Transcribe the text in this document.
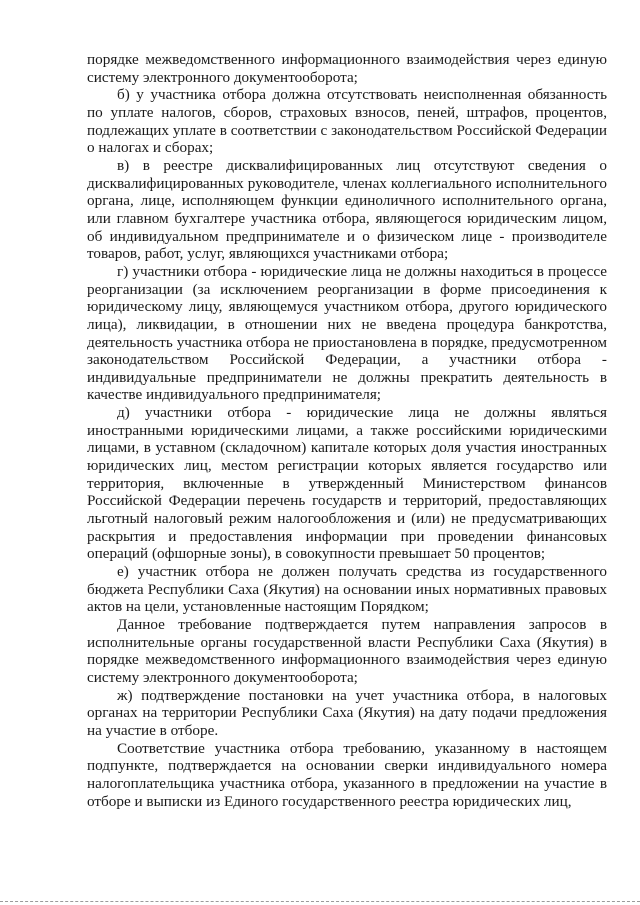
порядке межведомственного информационного взаимодействия через единую систему электронного документооборота;

б) у участника отбора должна отсутствовать неисполненная обязанность по уплате налогов, сборов, страховых взносов, пеней, штрафов, процентов, подлежащих уплате в соответствии с законодательством Российской Федерации о налогах и сборах;

в) в реестре дисквалифицированных лиц отсутствуют сведения о дисквалифицированных руководителе, членах коллегиального исполнительного органа, лице, исполняющем функции единоличного исполнительного органа, или главном бухгалтере участника отбора, являющегося юридическим лицом, об индивидуальном предпринимателе и о физическом лице - производителе товаров, работ, услуг, являющихся участниками отбора;

г) участники отбора - юридические лица не должны находиться в процессе реорганизации (за исключением реорганизации в форме присоединения к юридическому лицу, являющемуся участником отбора, другого юридического лица), ликвидации, в отношении них не введена процедура банкротства, деятельность участника отбора не приостановлена в порядке, предусмотренном законодательством Российской Федерации, а участники отбора - индивидуальные предприниматели не должны прекратить деятельность в качестве индивидуального предпринимателя;

д) участники отбора - юридические лица не должны являться иностранными юридическими лицами, а также российскими юридическими лицами, в уставном (складочном) капитале которых доля участия иностранных юридических лиц, местом регистрации которых является государство или территория, включенные в утвержденный Министерством финансов Российской Федерации перечень государств и территорий, предоставляющих льготный налоговый режим налогообложения и (или) не предусматривающих раскрытия и предоставления информации при проведении финансовых операций (офшорные зоны), в совокупности превышает 50 процентов;

е) участник отбора не должен получать средства из государственного бюджета Республики Саха (Якутия) на основании иных нормативных правовых актов на цели, установленные настоящим Порядком;

Данное требование подтверждается путем направления запросов в исполнительные органы государственной власти Республики Саха (Якутия) в порядке межведомственного информационного взаимодействия через единую систему электронного документооборота;

ж) подтверждение постановки на учет участника отбора, в налоговых органах на территории Республики Саха (Якутия) на дату подачи предложения на участие в отборе.

Соответствие участника отбора требованию, указанному в настоящем подпункте, подтверждается на основании сверки индивидуального номера налогоплательщика участника отбора, указанного в предложении на участие в отборе и выписки из Единого государственного реестра юридических лиц,
